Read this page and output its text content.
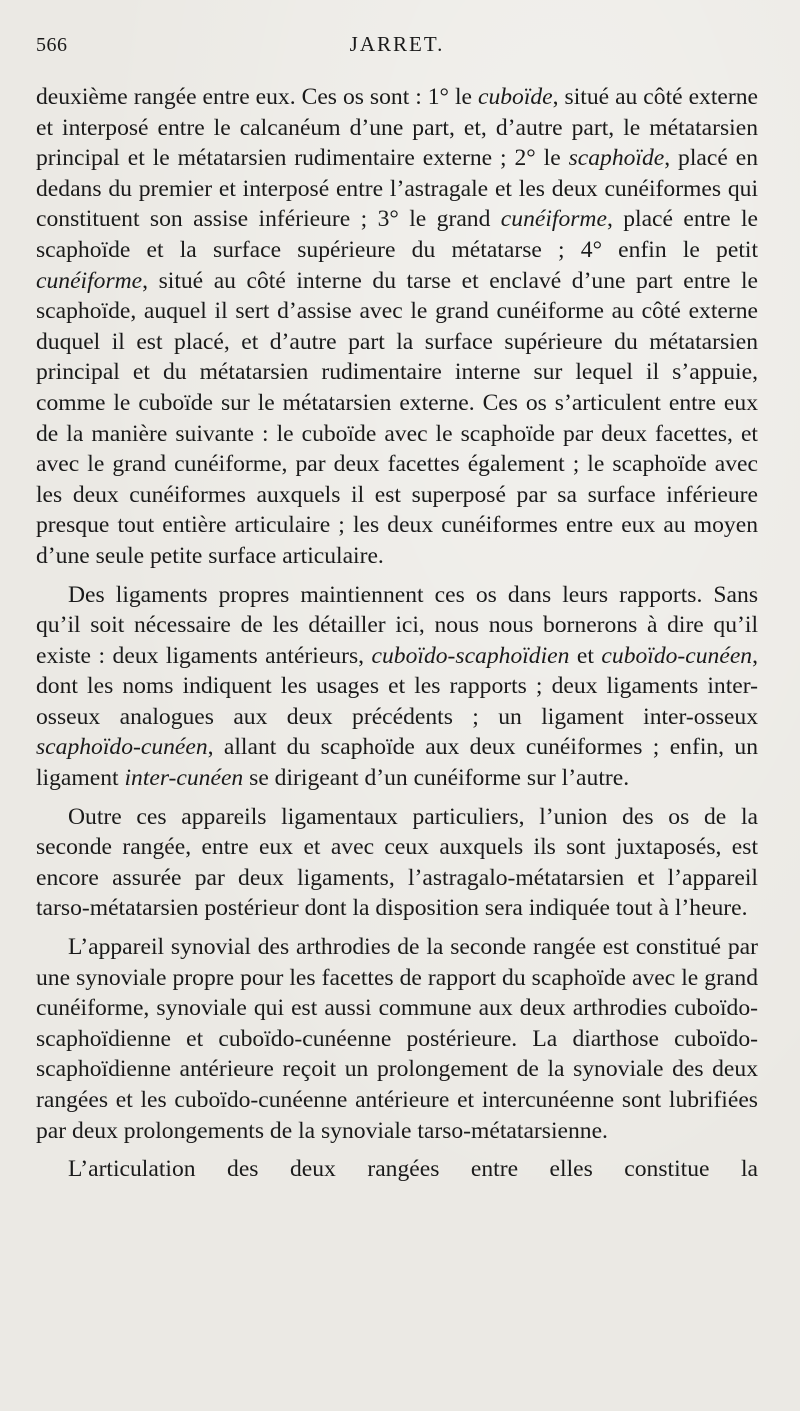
566	JARRET.

deuxième rangée entre eux. Ces os sont : 1° le cuboïde, situé au côté externe et interposé entre le calcanéum d’une part, et, d’autre part, le métatarsien principal et le métatarsien rudimentaire externe ; 2° le scaphoïde, placé en dedans du premier et interposé entre l’astragale et les deux cunéiformes qui constituent son assise inférieure ; 3° le grand cunéiforme, placé entre le scaphoïde et la surface supérieure du métatarse ; 4° enfin le petit cunéiforme, situé au côté interne du tarse et enclavé d’une part entre le scaphoïde, auquel il sert d’assise avec le grand cunéiforme au côté externe duquel il est placé, et d’autre part la surface supérieure du métatarsien principal et du métatarsien rudimentaire interne sur lequel il s’appuie, comme le cuboïde sur le métatarsien externe. Ces os s’articulent entre eux de la manière suivante : le cuboïde avec le scaphoïde par deux facettes, et avec le grand cunéiforme, par deux facettes également ; le scaphoïde avec les deux cunéiformes auxquels il est superposé par sa surface inférieure presque tout entière articulaire ; les deux cunéiformes entre eux au moyen d’une seule petite surface articulaire.

Des ligaments propres maintiennent ces os dans leurs rapports. Sans qu’il soit nécessaire de les détailler ici, nous nous bornerons à dire qu’il existe : deux ligaments antérieurs, cuboïdo-scaphoïdien et cuboïdo-cunéen, dont les noms indiquent les usages et les rapports ; deux ligaments inter-osseux analogues aux deux précédents ; un ligament inter-osseux scaphoïdo-cunéen, allant du scaphoïde aux deux cunéiformes ; enfin, un ligament inter-cunéen se dirigeant d’un cunéiforme sur l’autre.

Outre ces appareils ligamentaux particuliers, l’union des os de la seconde rangée, entre eux et avec ceux auxquels ils sont juxtaposés, est encore assurée par deux ligaments, l’astragalo-métatarsien et l’appareil tarso-métatarsien postérieur dont la disposition sera indiquée tout à l’heure.

L’appareil synovial des arthrodies de la seconde rangée est constitué par une synoviale propre pour les facettes de rapport du scaphoïde avec le grand cunéiforme, synoviale qui est aussi commune aux deux arthrodies cuboïdo-scaphoïdienne et cuboïdo-cunéenne postérieure. La diarthose cuboïdo-scaphoïdienne antérieure reçoit un prolongement de la synoviale des deux rangées et les cuboïdo-cunéenne antérieure et intercunéenne sont lubrifiées par deux prolongements de la synoviale tarso-métatarsienne.

L’articulation des deux rangées entre elles constitue la
